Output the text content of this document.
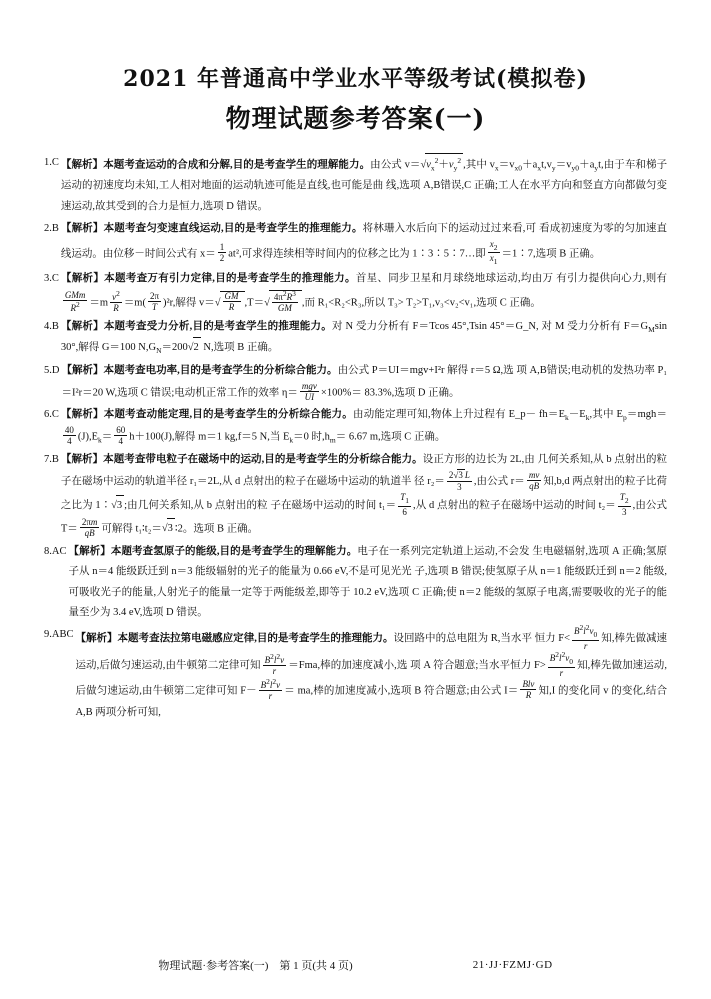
2021 年普通高中学业水平等级考试(模拟卷)
物理试题参考答案(一)
1.C 【解析】本题考查运动的合成和分解,目的是考查学生的理解能力。由公式 $v=√v_x^2+v_y^2$ ,其中 $v_x=v_{x0}+a_xt,v_y=v_{y0}+a_yt$,由于车和梯子运动的初速度均未知,工人相对地面的运动轨迹可能是直线,也可能是曲 线,选项 A,B错误,C 正确;工人在水平方向和竖直方向都做匀变速运动,故其受到的合力是恒力,选项 D 错误。
2.B 【解析】本题考查匀变速直线运动,目的是考查学生的推理能力。将林珊入水后向下的运动过过来看,可 看成初速度为零的匀加速直线运动。由位移－时间公式有 $x= \frac{1}{2} at^2$,可求得连续相等时间内的位移之比为 1∶3∶5∶7…即 $\frac{x_2}{x_1}$ ＝1∶7,选项 B 正确。
3.C 【解析】本题考查万有引力定律,目的是考查学生的推理能力。首星、同步卫星和月球绕地球运动,均由万 有引力提供向心力,则有
$\frac{\text{GMm}}{R^2} =m \frac{v^2}{R} =m( \frac{2\pi}{T} )^2r$,解得 $v=√ \frac{GM}{R} ,T=√ \frac{4\pi^2R^3}{GM}$ ,而 R₁<R₂<R₃,所以 T₃> T₂>T₁,v₃<v₂<v₁,选项 C 正确。
4.B 【解析】本题考查受力分析,目的是考查学生的推理能力。对 N 受力分析有 F＝Tcos 45°,Tsin 45°＝G_N, 对 M 受力分析有 $F=G_M\sin$ 30°,解得 G＝100 $N,G_N=200√2$ N,选项 B 正确。
5.D 【解析】本题考查电功率,目的是考查学生的分析综合能力。由公式 P＝UI＝mgv+I²r 解得 r＝5 Ω,选 项 A,B错误;电动机的发热功率 P₁＝I²r＝20 W,选项 C 错误;电动机正常工作的效率 $\eta= \frac{\text{mgv}}{UI} \times 100\%= 83.3\%$,选项 D 正确。
6.C 【解析】本题考查动能定理,目的是考查学生的分析综合能力。由动能定理可知,物体上升过程有 E_p－ $fh=E_k-E_k$,其中 $E_p=mgh=$
$\frac{40}{4} (J),E_k= \frac{60}{4} h+100(J)$,解得 m＝1 kg,f＝5 N,当 $E_k=0$ 时$,h_m= 6.67$ m,选项 C 正确。
7.B 【解析】本题考查带电粒子在磁场中的运动,目的是考查学生的分析综合能力。设正方形的边长为 2L,由 几何关系知,从 b 点射出的粒子在磁场中运动的轨道半径 r₁＝2L,从 d 点射出的粒子在磁场中运动的轨道半 径 $r_2= \frac{2√3 L}{3}$ ,由公式 $r= \frac{mv}{qB}$ 知,b,d 两点射出的粒子比荷之比为 1∶√3 ;由几何关系知,从 b 点射出的粒 子在磁场中运动的时间 $t_1= \frac{T_1}{6}$ ,从 d 点射出的粒子在磁场中运动的时间 $t_2= \frac{T_2}{3}$ ,由公式 $T= \frac{2\pi m}{qB}$ 可解得 t₁∶t₂＝√3 ∶2。选项 B 正确。
8.AC 【解析】本题考查氢原子的能级,目的是考查学生的理解能力。电子在一系列完定轨道上运动,不会发 生电磁辐射,选项 A 正确;氢原子从 n＝4 能级跃迁到 n＝3 能级辐射的光子的能量为 0.66 eV,不是可见光光 子,选项 B 错误;使氢原子从 n＝1 能级跃迁到 n＝2 能级,可吸收光子的能量,人射光子的能量一定等于两能级差,即等于 10.2 eV,选项 C 正确;使 n＝2 能级的氢原子电离,需要吸收的光子的能量至少为 3.4 eV,选项 D 错误。
9.ABC 【解析】本题考查法拉第电磁感应定律,目的是考查学生的推理能力。设回路中的总电阻为 R,当水平 恒力 $F< \frac{B^2l^2v_0}{r}$ 知,棒先做减速运动,后做匀速运动,由牛顿第二定律可知 $\frac{B^2l^2v}{r} =Fma$,棒的加速度减小,选 项 A 符合题意;当水平恒力 $F> \frac{B^2l^2v_0}{r}$ 知,棒先做加速运动,后做匀速运动,由牛顿第二定律可知 $F- \frac{B^2l^2v}{r}$ ＝ ma,棒的加速度减小,选项 B 符合题意;由公式 $I= \frac{\text{Blv}}{R}$ 知,I 的变化同 v 的变化,结合 A,B 两项分析可知,
物理试题·参考答案(一)　第 1 页(共 4 页)	21·JJ·FZMJ·GD
